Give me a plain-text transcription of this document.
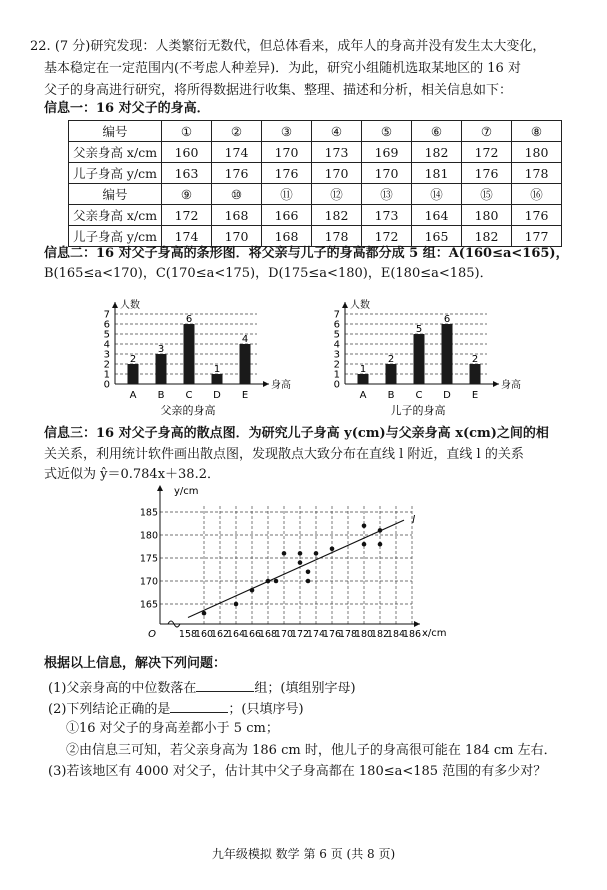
22. (7 分)研究发现：人类繁衍无数代，但总体看来，成年人的身高并没有发生太大变化，
基本稳定在一定范围内(不考虑人种差异)．为此，研究小组随机选取某地区的 16 对
父子的身高进行研究，将所得数据进行收集、整理、描述和分析，相关信息如下：
信息一：16 对父子的身高．
编号	①	②	③	④	⑤	⑥	⑦	⑧
父亲身高 x/cm	160	174	170	173	169	182	172	180
儿子身高 y/cm	163	176	176	170	170	181	176	178
编号	⑨	⑩	⑪	⑫	⑬	⑭	⑮	⑯
父亲身高 x/cm	172	168	166	182	173	164	180	176
儿子身高 y/cm	174	170	168	178	172	165	182	177
信息二：16 对父子身高的条形图．将父亲与儿子的身高都分成 5 组：A(160≤a<165)，
B(165≤a<170)，C(170≤a<175)，D(175≤a<180)，E(180≤a<185)．
0
1
2
3
4
5
6
7
人数
身高
2
A
3
B
6
C
1
D
4
E
父亲的身高
0
1
2
3
4
5
6
7
人数
身高
1
A
2
B
5
C
6
D
2
E
儿子的身高
信息三：16 对父子身高的散点图．为研究儿子身高 y(cm)与父亲身高 x(cm)之间的相
关关系，利用统计软件画出散点图，发现散点大致分布在直线 l 附近，直线 l 的关系
式近似为 ŷ＝0.784x＋38.2．
158
160
162
164
166
168
170
172
174
176
178
180
182
184
186
165
170
175
180
185
O
y/cm
x/cm
l
根据以上信息，解决下列问题：
(1)父亲身高的中位数落在	组；(填组别字母)
(2)下列结论正确的是	；(只填序号)
①16 对父子的身高差都小于 5 cm；
②由信息三可知，若父亲身高为 186 cm 时，他儿子的身高很可能在 184 cm 左右．
(3)若该地区有 4000 对父子，估计其中父子身高都在 180≤a<185 范围的有多少对？
九年级模拟 数学 第 6 页 (共 8 页)
